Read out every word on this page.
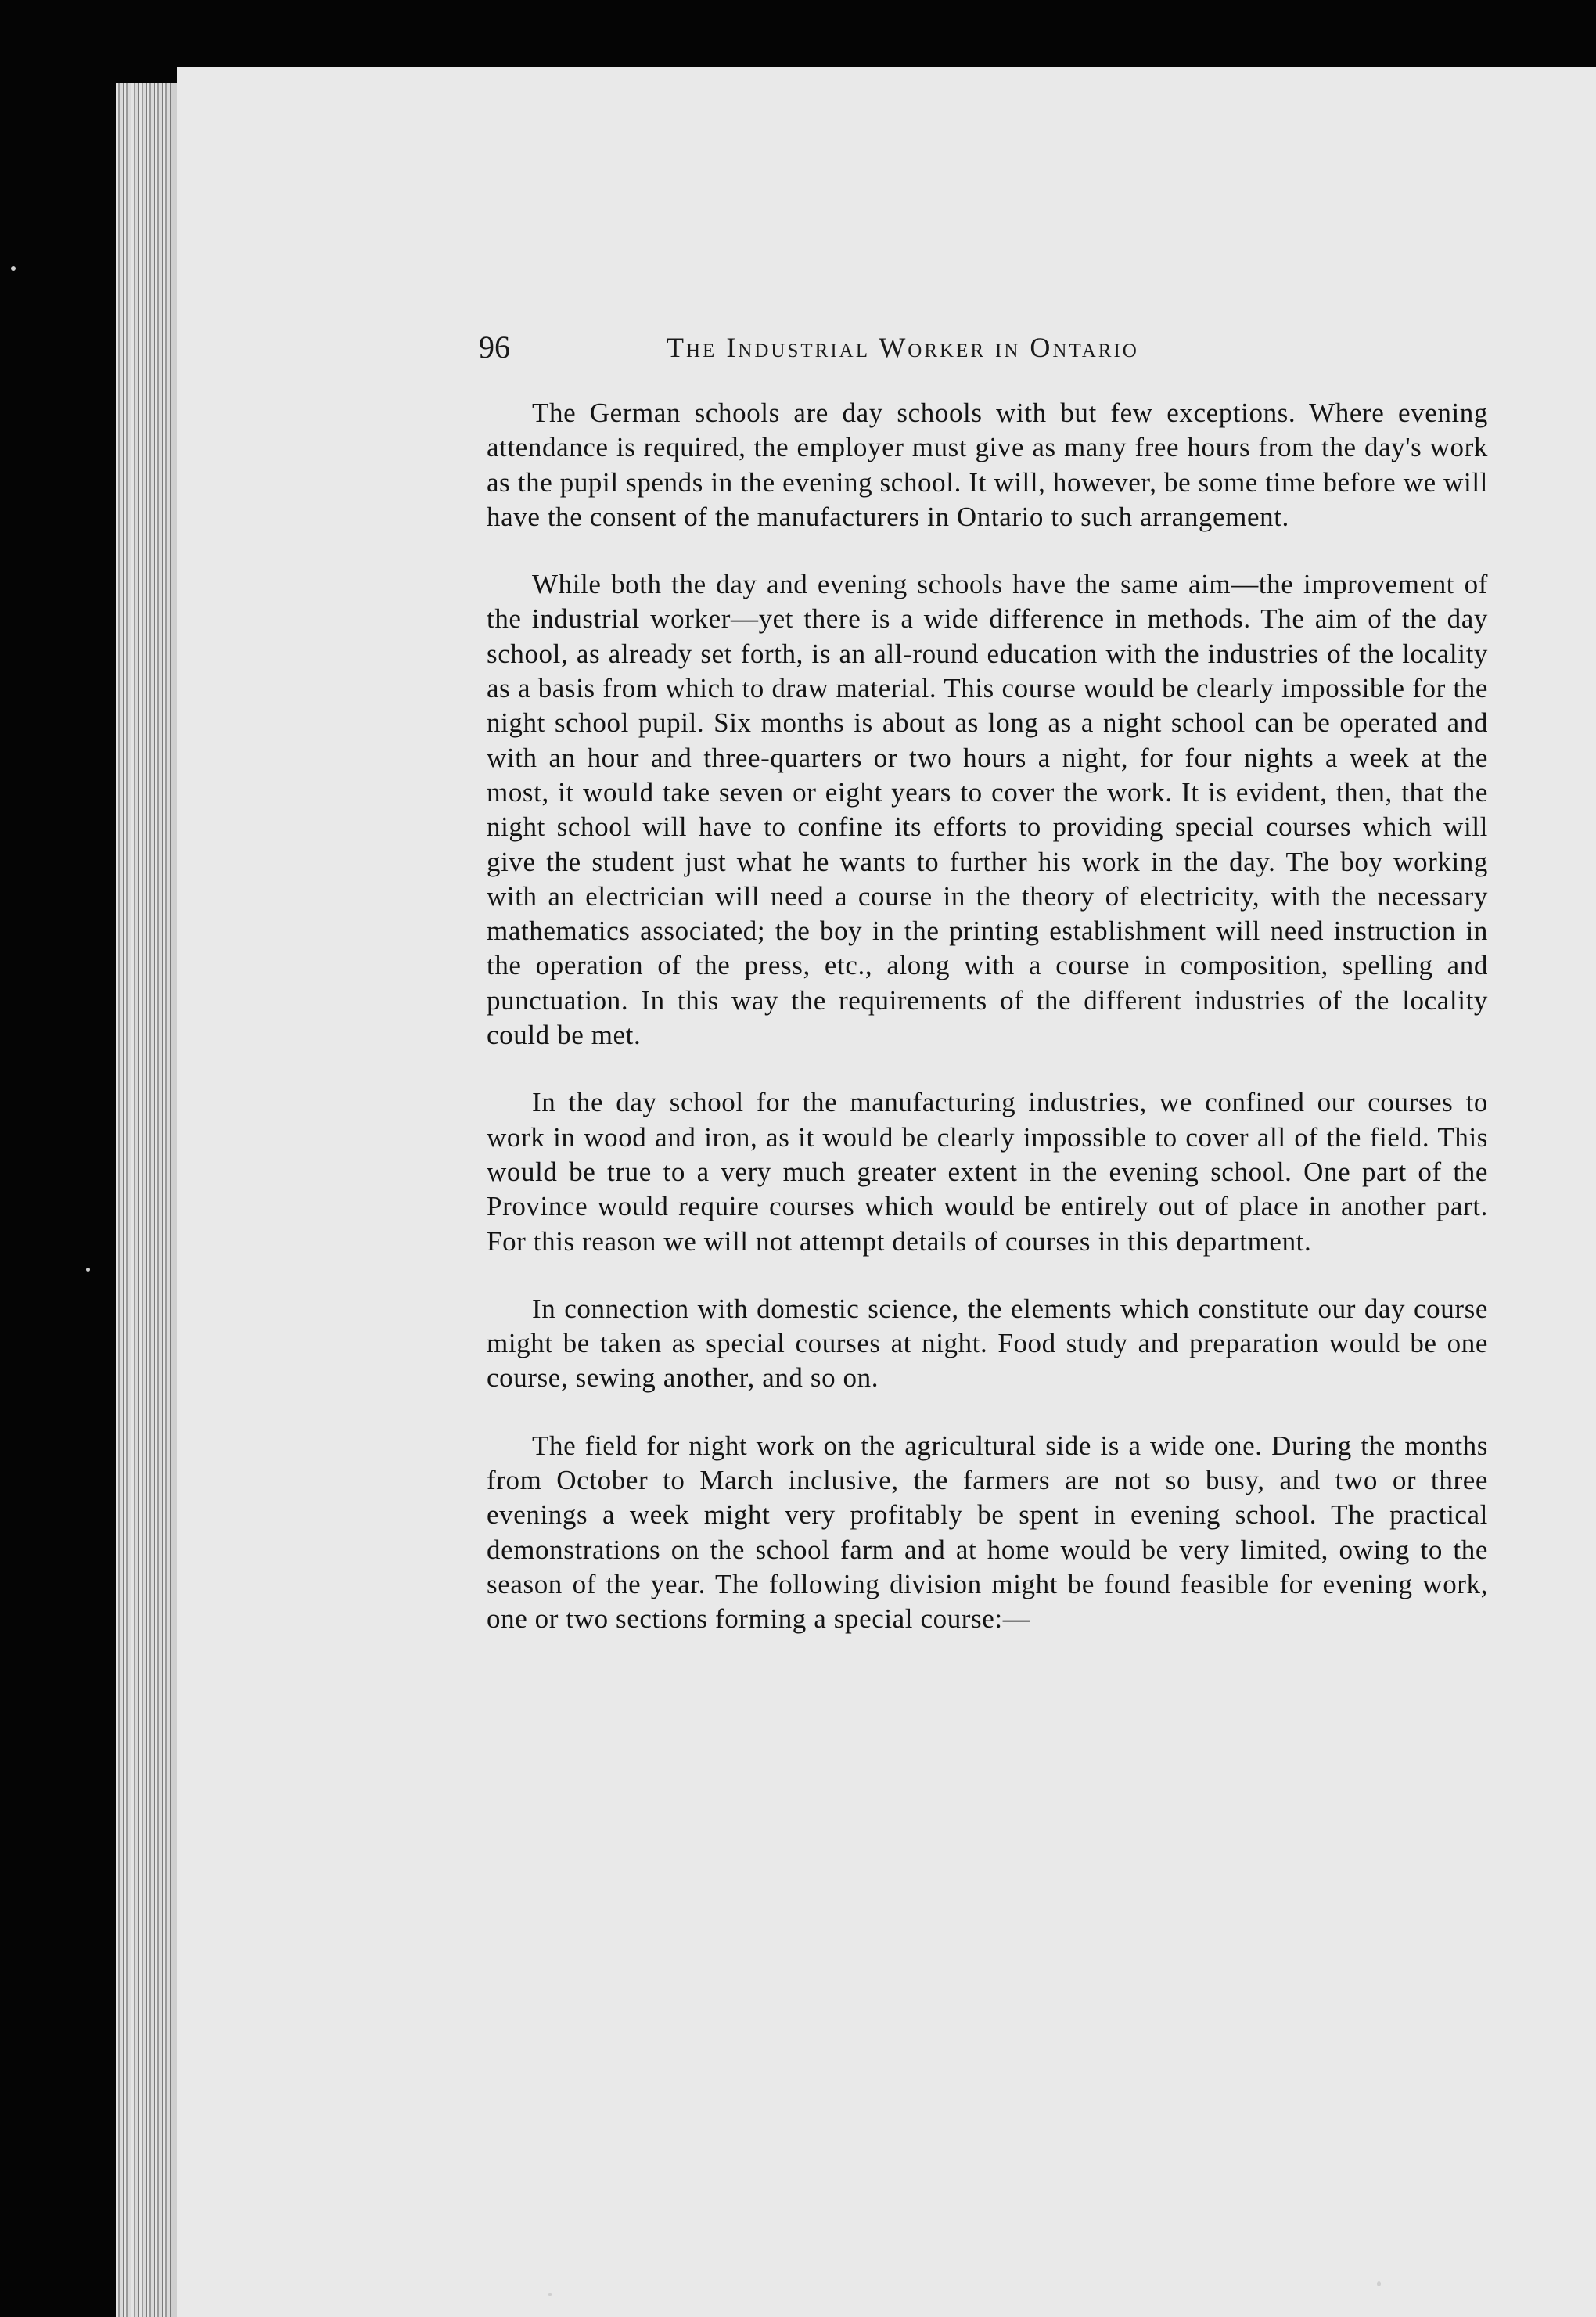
96	The Industrial Worker in Ontario

The German schools are day schools with but few exceptions. Where evening attendance is required, the employer must give as many free hours from the day's work as the pupil spends in the evening school. It will, however, be some time before we will have the consent of the manufacturers in Ontario to such arrangement.

While both the day and evening schools have the same aim—the improvement of the industrial worker—yet there is a wide difference in methods. The aim of the day school, as already set forth, is an all-round education with the industries of the locality as a basis from which to draw material. This course would be clearly impossible for the night school pupil. Six months is about as long as a night school can be operated and with an hour and three-quarters or two hours a night, for four nights a week at the most, it would take seven or eight years to cover the work. It is evident, then, that the night school will have to confine its efforts to providing special courses which will give the student just what he wants to further his work in the day. The boy working with an electrician will need a course in the theory of electricity, with the necessary mathematics associated; the boy in the printing establishment will need instruction in the operation of the press, etc., along with a course in composition, spelling and punctuation. In this way the requirements of the different industries of the locality could be met.

In the day school for the manufacturing industries, we confined our courses to work in wood and iron, as it would be clearly impossible to cover all of the field. This would be true to a very much greater extent in the evening school. One part of the Province would require courses which would be entirely out of place in another part. For this reason we will not attempt details of courses in this department.

In connection with domestic science, the elements which constitute our day course might be taken as special courses at night. Food study and preparation would be one course, sewing another, and so on.

The field for night work on the agricultural side is a wide one. During the months from October to March inclusive, the farmers are not so busy, and two or three evenings a week might very profitably be spent in evening school. The practical demonstrations on the school farm and at home would be very limited, owing to the season of the year. The following division might be found feasible for evening work, one or two sections forming a special course:—
